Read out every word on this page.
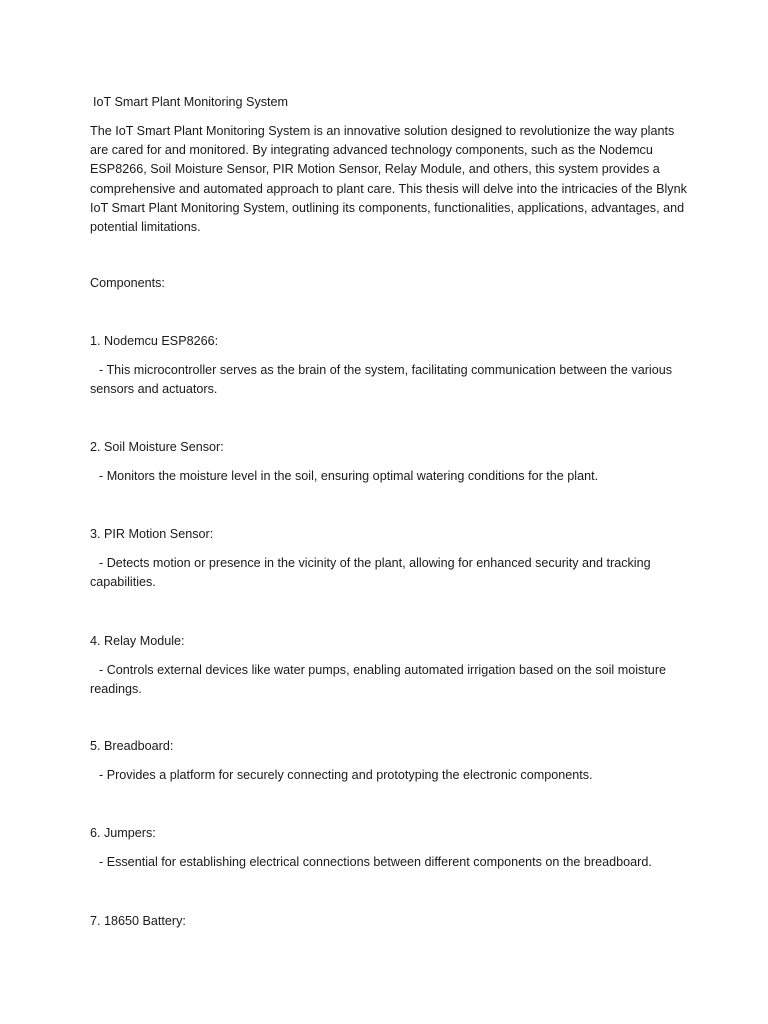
IoT Smart Plant Monitoring System

The IoT Smart Plant Monitoring System is an innovative solution designed to revolutionize the way plants are cared for and monitored. By integrating advanced technology components, such as the Nodemcu ESP8266, Soil Moisture Sensor, PIR Motion Sensor, Relay Module, and others, this system provides a comprehensive and automated approach to plant care. This thesis will delve into the intricacies of the Blynk IoT Smart Plant Monitoring System, outlining its components, functionalities, applications, advantages, and potential limitations.

Components:

1. Nodemcu ESP8266:

- This microcontroller serves as the brain of the system, facilitating communication between the various sensors and actuators.

2. Soil Moisture Sensor:

- Monitors the moisture level in the soil, ensuring optimal watering conditions for the plant.

3. PIR Motion Sensor:

- Detects motion or presence in the vicinity of the plant, allowing for enhanced security and tracking capabilities.

4. Relay Module:

- Controls external devices like water pumps, enabling automated irrigation based on the soil moisture readings.

5. Breadboard:

- Provides a platform for securely connecting and prototyping the electronic components.

6. Jumpers:

- Essential for establishing electrical connections between different components on the breadboard.

7. 18650 Battery:
